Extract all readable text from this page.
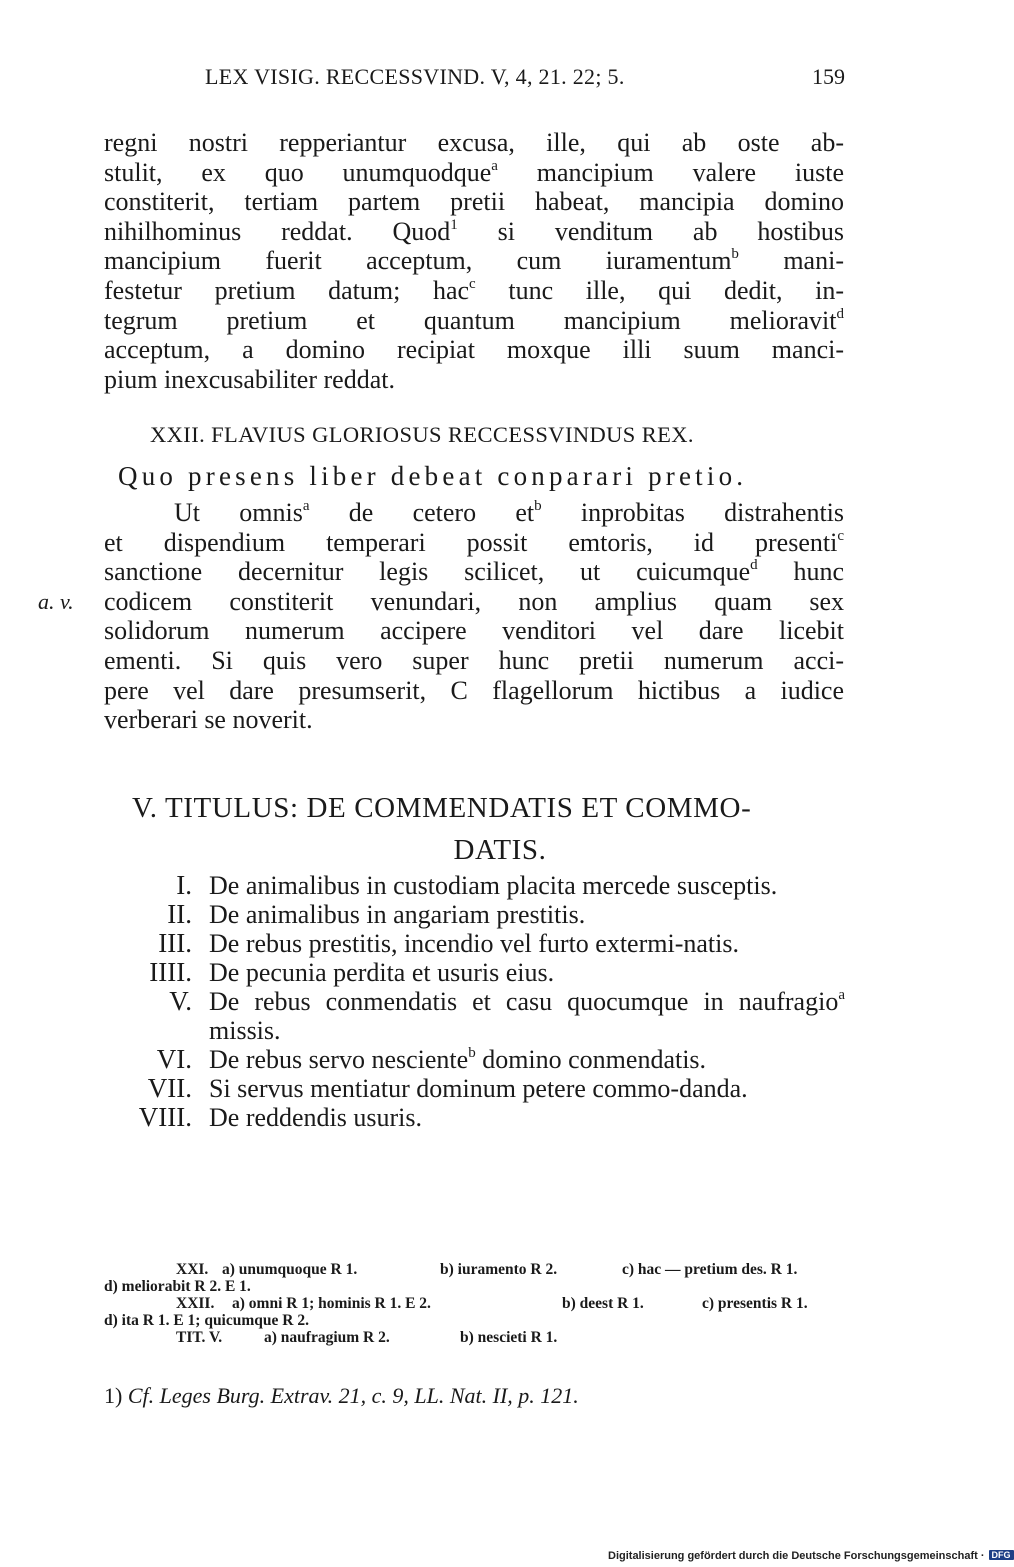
LEX VISIG. RECCESSVIND. V, 4, 21. 22; 5.	159
regni nostri repperiantur excusa, ille, qui ab oste ab-
stulit, ex quo unumquodque$^a$ mancipium valere iuste
constiterit, tertiam partem pretii habeat, mancipia domino
nihilhominus reddat. Quod$^1$ si venditum ab hostibus
mancipium fuerit acceptum, cum iuramentum$^b$ mani-
festetur pretium datum; hac$^c$ tunc ille, qui dedit, in-
tegrum pretium et quantum mancipium melioravit$^d$
acceptum, a domino recipiat moxque illi suum manci-
pium inexcusabiliter reddat.
XXII. FLAVIUS GLORIOSUS RECCESSVINDUS REX.
Quo presens liber debeat conparari pretio.
a. v.
Ut omnis$^a$ de cetero $et^b$ inprobitas distrahentis
et dispendium temperari possit emtoris, id presenti$^c$
sanctione decernitur legis scilicet, ut cuicumque$^d$ hunc
codicem constiterit venundari, non amplius quam sex
solidorum numerum accipere venditori vel dare licebit
ementi. Si quis vero super hunc pretii numerum acci-
pere vel dare presumserit, C flagellorum hictibus a iudice
verberari se noverit.
V. TITULUS: DE COMMENDATIS ET COMMO-
DATIS.
I. De animalibus in custodiam placita mercede susceptis.
II. De animalibus in angariam prestitis.
III. De rebus prestitis, incendio vel furto extermi-natis.
IIII. De pecunia perdita et usuris eius.
V. De rebus conmendatis et casu quocumque in naufragio$^a$ missis.
VI. De rebus servo nesciente$^b$ domino conmendatis.
VII. Si servus mentiatur dominum petere commo-danda.
VIII. De reddendis usuris.
XXI. a) unumquoque R 1.	b) iuramento R 2.	c) hac — pretium des. R 1.
d) meliorabit R 2. E 1.
XXII. a) omni R 1; hominis R 1. E 2.	b) deest R 1.	c) presentis R 1.
d) ita R 1. E 1; quicumque R 2.
TIT. V.	a) naufragium R 2.	b) nescieti R 1.
1) Cf. Leges Burg. Extrav. 21, c. 9, LL. Nat. II, p. 121.
Digitalisierung gefördert durch die Deutsche Forschungsgemeinschaft · DFG
